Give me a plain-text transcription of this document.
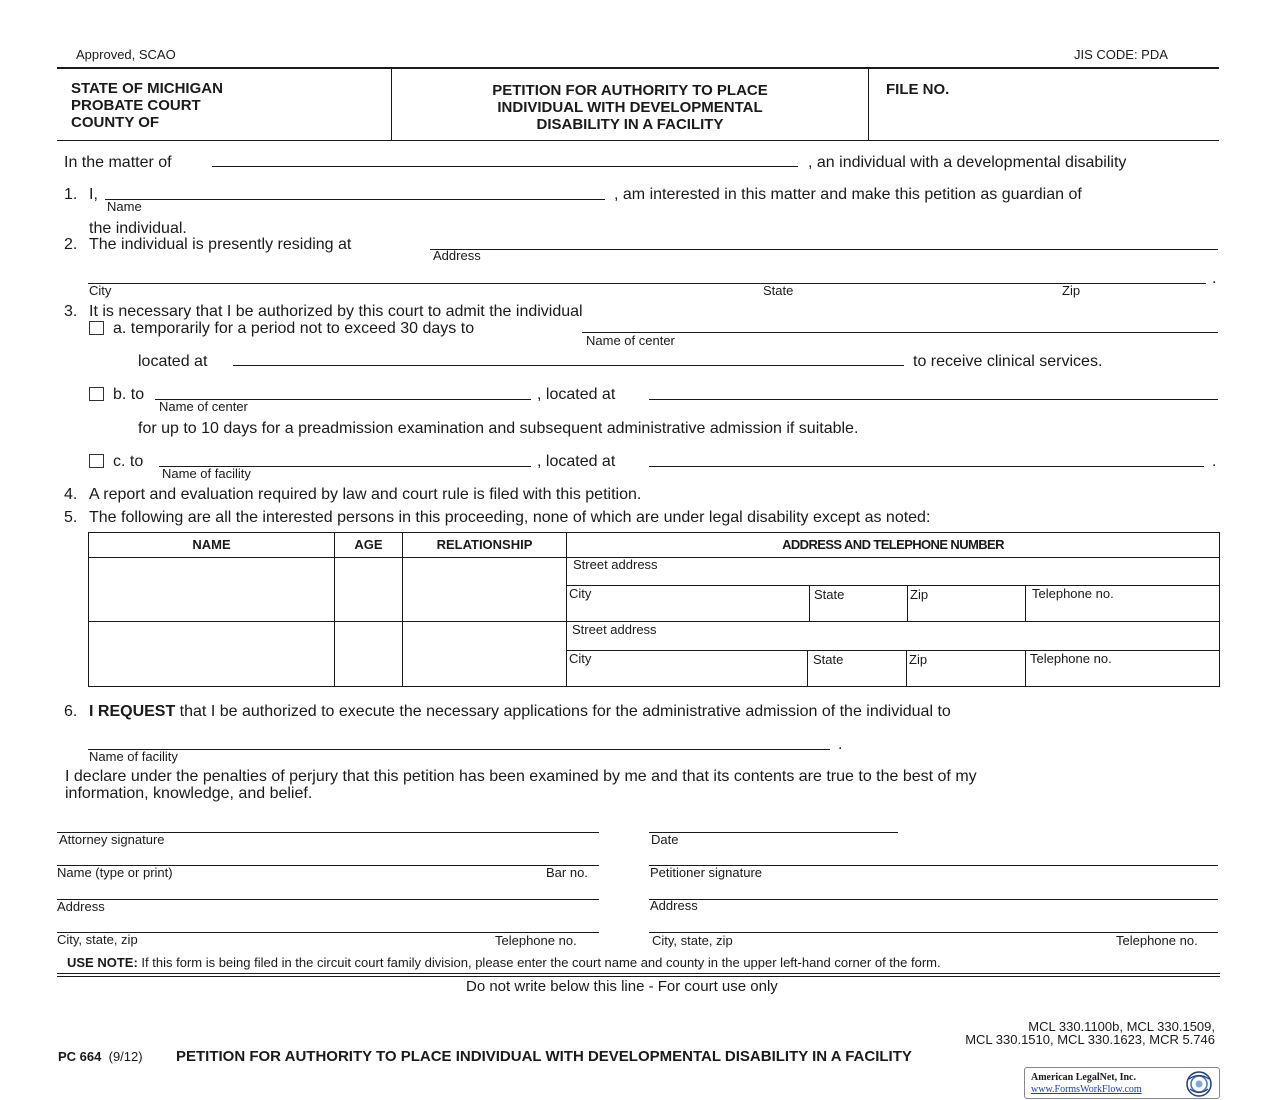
Approved, SCAO	JIS CODE: PDA
STATE OF MICHIGAN
PROBATE COURT
COUNTY OF
PETITION FOR AUTHORITY TO PLACE
INDIVIDUAL WITH DEVELOPMENTAL
DISABILITY IN A FACILITY
FILE NO.
In the matter of	, an individual with a developmental disability
1. I,	, am interested in this matter and make this petition as guardian of
Name
the individual.
2. The individual is presently residing at
Address
.
City	State	Zip
3. It is necessary that I be authorized by this court to admit the individual
a. temporarily for a period not to exceed 30 days to
Name of center
located at	to receive clinical services.
b. to
Name of center
, located at
for up to 10 days for a preadmission examination and subsequent administrative admission if suitable.
c. to
Name of facility
, located at	.
4. A report and evaluation required by law and court rule is filed with this petition.
5. The following are all the interested persons in this proceeding, none of which are under legal disability except as noted:
NAME	AGE	RELATIONSHIP	ADDRESS AND TELEPHONE NUMBER
Street address
City	State	Zip	Telephone no.
Street address
City	State	Zip	Telephone no.
6. I REQUEST that I be authorized to execute the necessary applications for the administrative admission of the individual to
.
Name of facility
I declare under the penalties of perjury that this petition has been examined by me and that its contents are true to the best of my
information, knowledge, and belief.
Attorney signature	Date
Name (type or print)	Bar no.	Petitioner signature
Address	Address
City, state, zip	Telephone no.	City, state, zip	Telephone no.
USE NOTE: If this form is being filed in the circuit court family division, please enter the court name and county in the upper left-hand corner of the form.
Do not write below this line - For court use only
MCL 330.1100b, MCL 330.1509,
MCL 330.1510, MCL 330.1623, MCR 5.746
PC 664 (9/12) PETITION FOR AUTHORITY TO PLACE INDIVIDUAL WITH DEVELOPMENTAL DISABILITY IN A FACILITY
American LegalNet, Inc.
www.FormsWorkFlow.com
